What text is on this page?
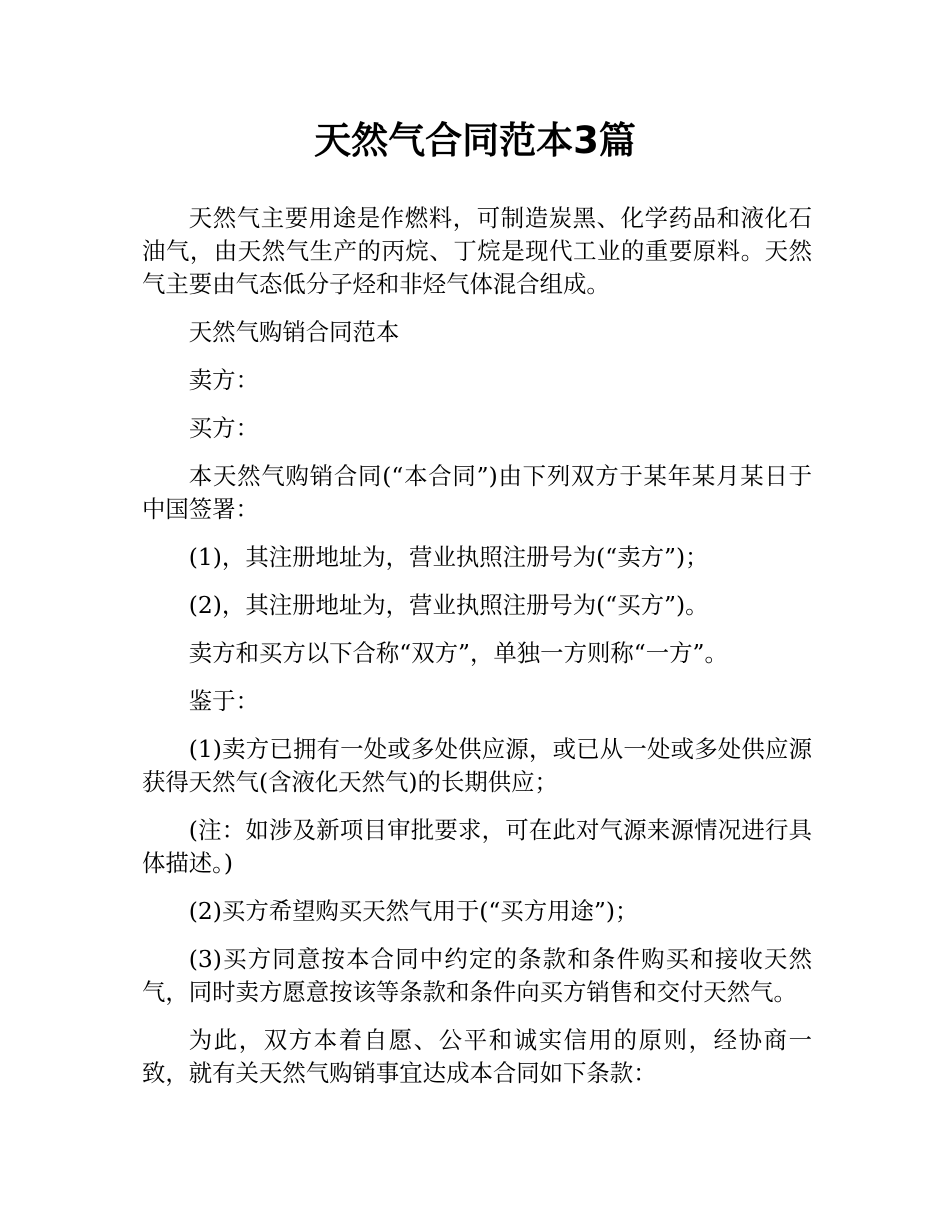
天然气合同范本3篇

天然气主要用途是作燃料，可制造炭黑、化学药品和液化石油气，由天然气生产的丙烷、丁烷是现代工业的重要原料。天然气主要由气态低分子烃和非烃气体混合组成。

天然气购销合同范本

卖方：

买方：

本天然气购销合同(“本合同”)由下列双方于某年某月某日于中国签署：

(1)，其注册地址为，营业执照注册号为(“卖方”)；

(2)，其注册地址为，营业执照注册号为(“买方”)。

卖方和买方以下合称“双方”，单独一方则称“一方”。

鉴于：

(1)卖方已拥有一处或多处供应源，或已从一处或多处供应源获得天然气(含液化天然气)的长期供应；

(注：如涉及新项目审批要求，可在此对气源来源情况进行具体描述。)

(2)买方希望购买天然气用于(“买方用途”)；

(3)买方同意按本合同中约定的条款和条件购买和接收天然气，同时卖方愿意按该等条款和条件向买方销售和交付天然气。

为此，双方本着自愿、公平和诚实信用的原则，经协商一致，就有关天然气购销事宜达成本合同如下条款：
